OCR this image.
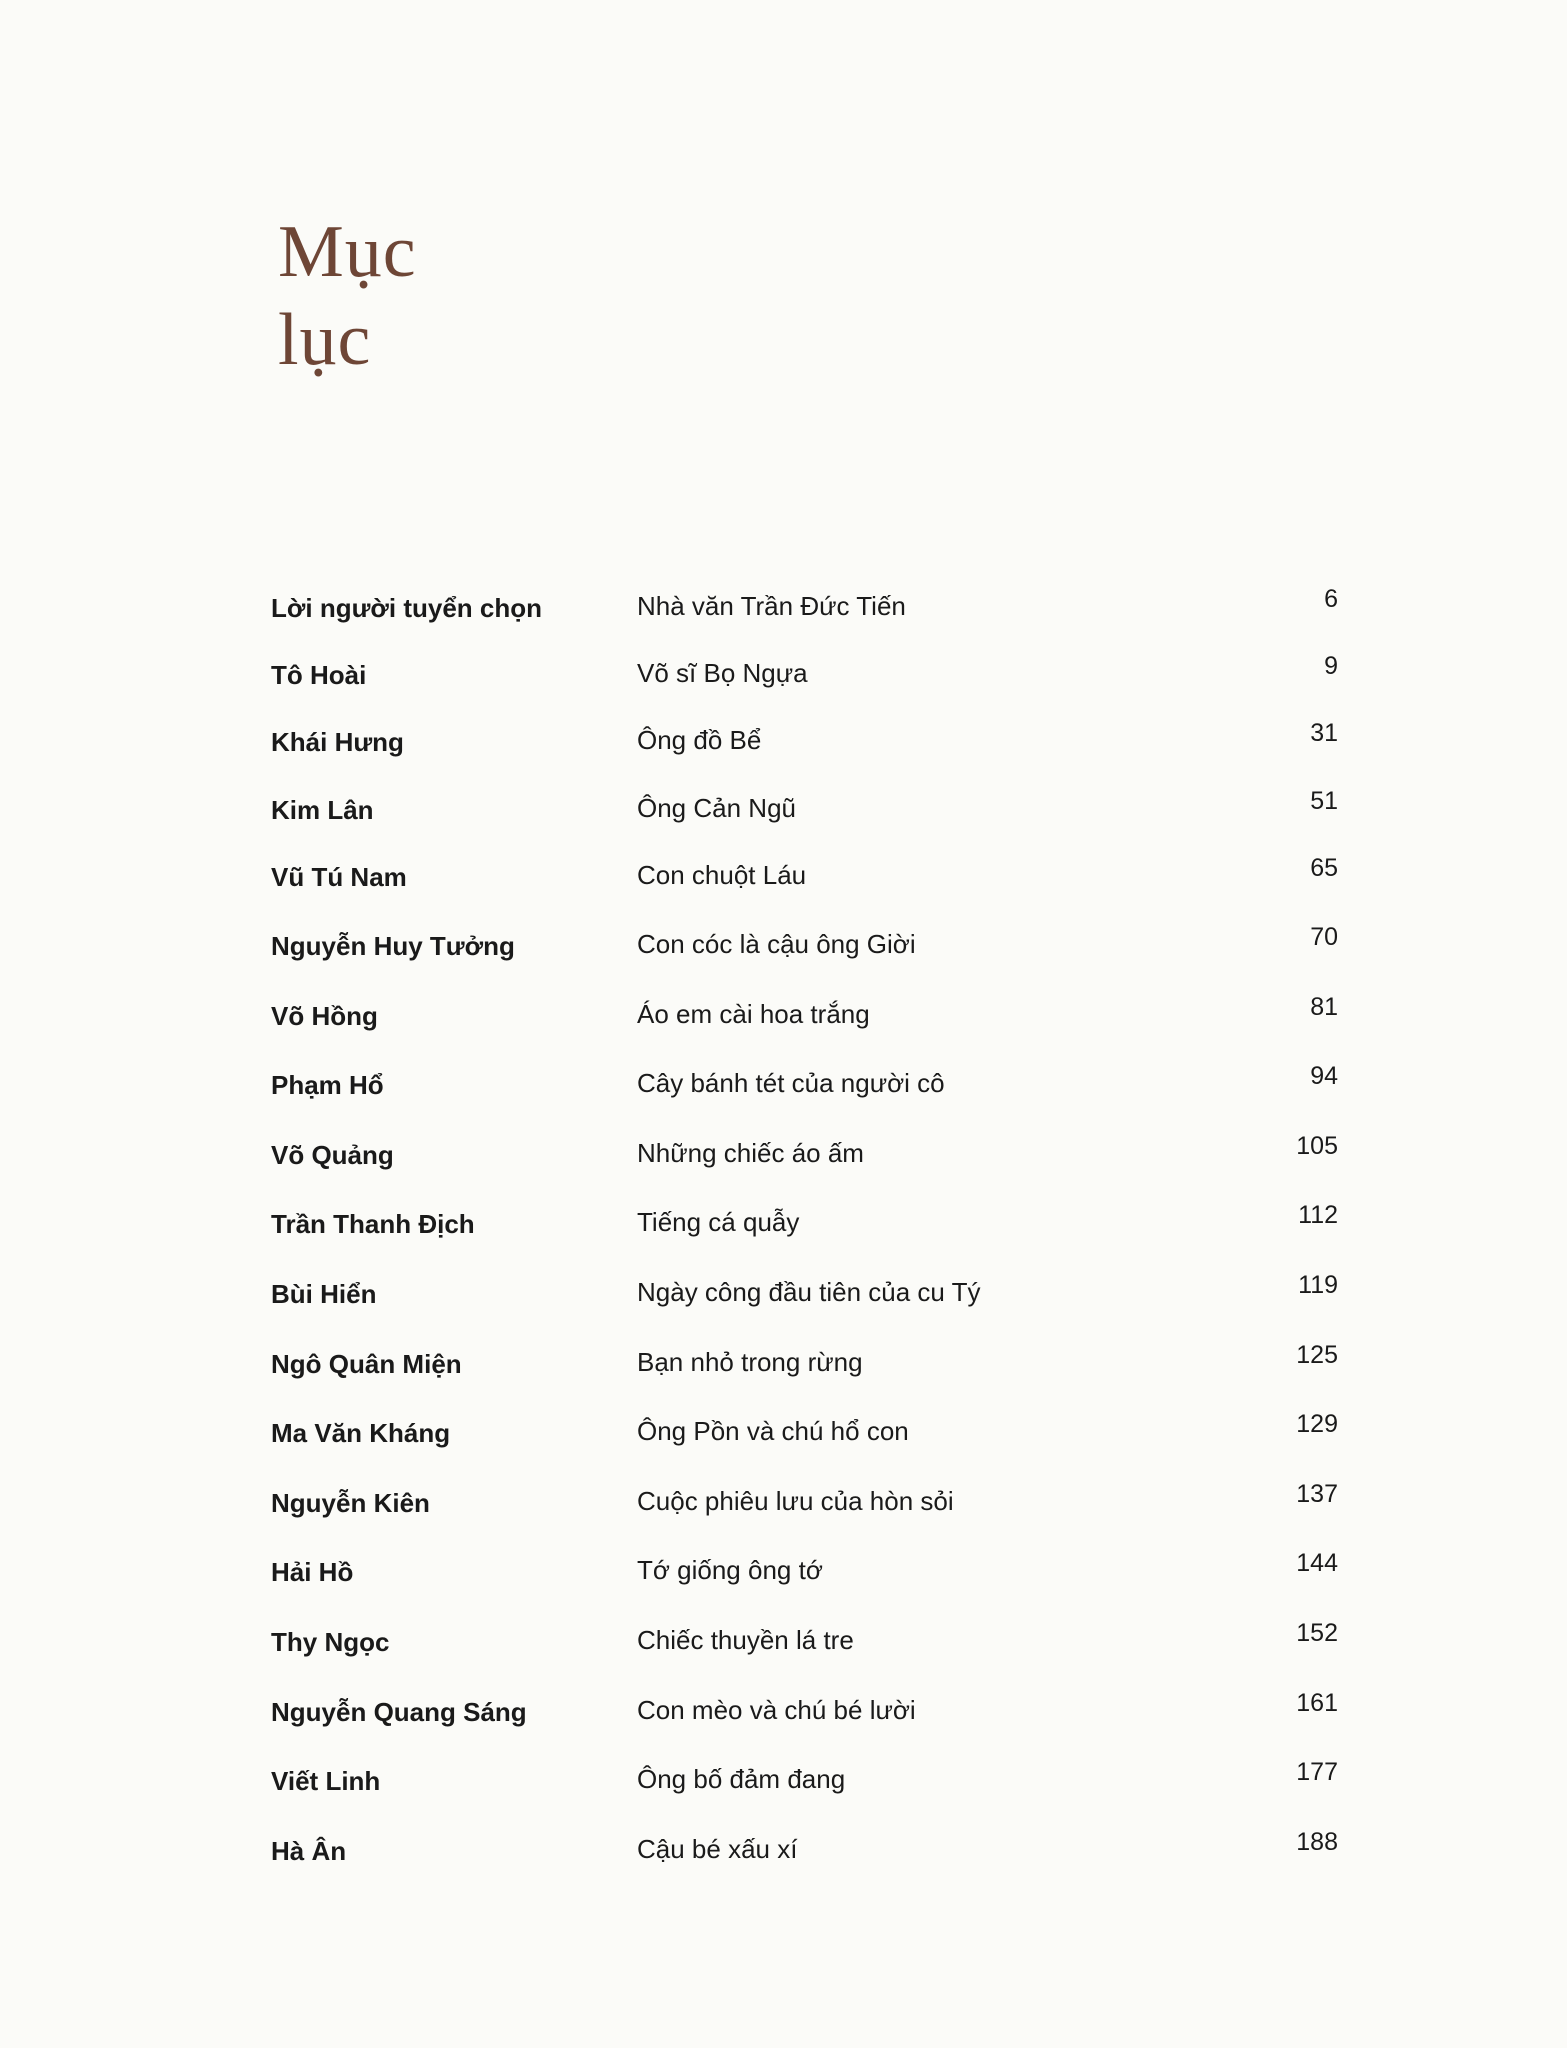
Mục
lục
Lời người tuyển chọn	Nhà văn Trần Đức Tiến	6
Tô Hoài	Võ sĩ Bọ Ngựa	9
Khái Hưng	Ông đồ Bể	31
Kim Lân	Ông Cản Ngũ	51
Vũ Tú Nam	Con chuột Láu	65
Nguyễn Huy Tưởng	Con cóc là cậu ông Giời	70
Võ Hồng	Áo em cài hoa trắng	81
Phạm Hổ	Cây bánh tét của người cô	94
Võ Quảng	Những chiếc áo ấm	105
Trần Thanh Địch	Tiếng cá quẫy	112
Bùi Hiển	Ngày công đầu tiên của cu Tý	119
Ngô Quân Miện	Bạn nhỏ trong rừng	125
Ma Văn Kháng	Ông Pồn và chú hổ con	129
Nguyễn Kiên	Cuộc phiêu lưu của hòn sỏi	137
Hải Hồ	Tớ giống ông tớ	144
Thy Ngọc	Chiếc thuyền lá tre	152
Nguyễn Quang Sáng	Con mèo và chú bé lười	161
Viết Linh	Ông bố đảm đang	177
Hà Ân	Cậu bé xấu xí	188
